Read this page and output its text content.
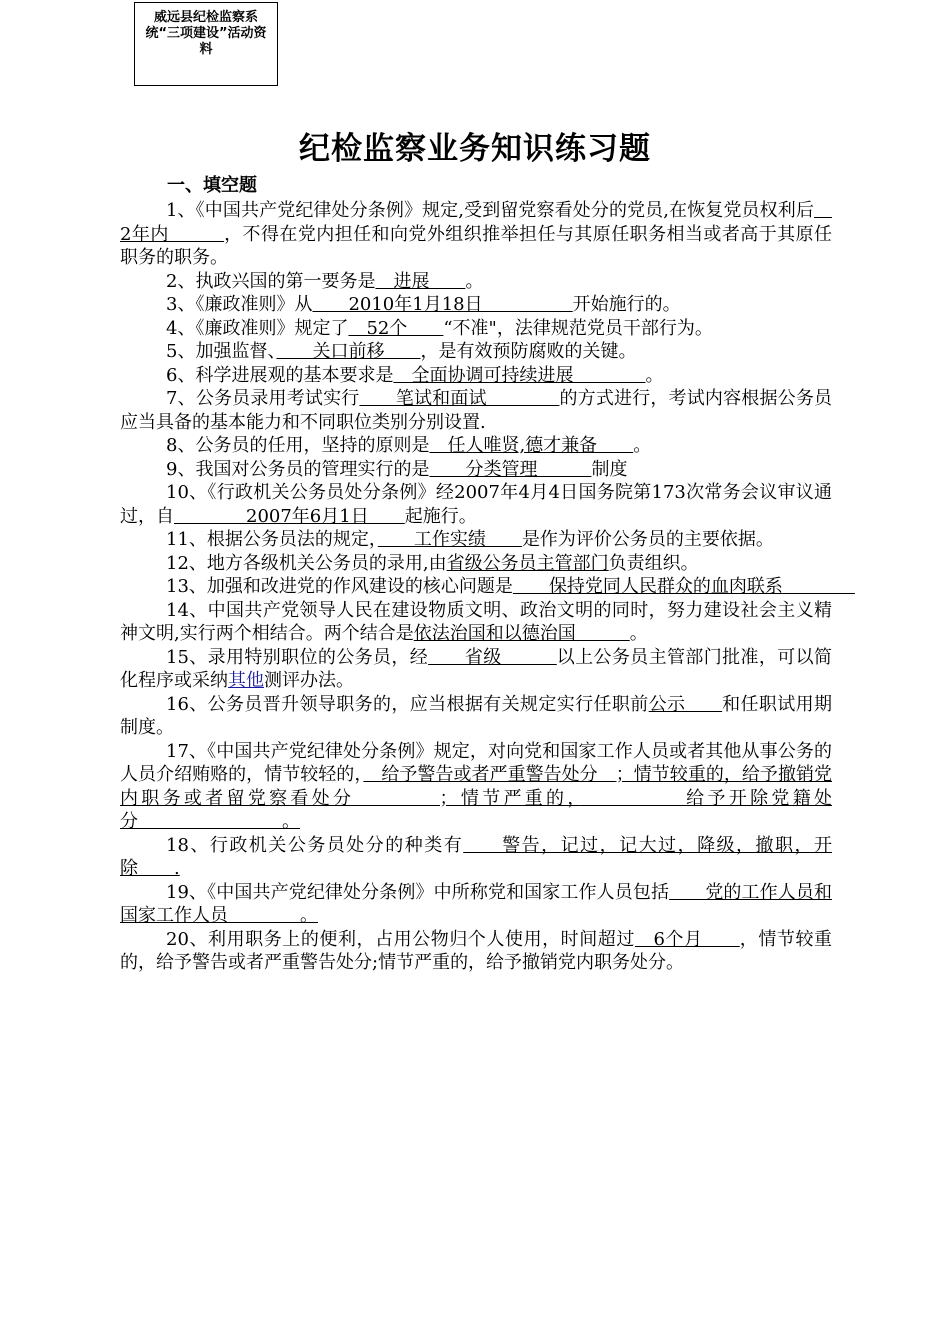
威远县纪检监察系统“三项建设”活动资料
纪检监察业务知识练习题
一、填空题

1、《中国共产党纪律处分条例》规定,受到留党察看处分的党员,在恢复党员权利后　2年内　　　，不得在党内担任和向党外组织推举担任与其原任职务相当或者高于其原任职务的职务。

2、执政兴国的第一要务是　进展　　。

3、《廉政准则》从　　2010年1月18日　　　　　开始施行的。

4、《廉政准则》规定了　52个　　“不准"，法律规范党员干部行为。

5、加强监督、　　关口前移　　，是有效预防腐败的关键。

6、科学进展观的基本要求是　全面协调可持续进展　　　　。

7、公务员录用考试实行　　笔试和面试　　　　的方式进行，考试内容根据公务员应当具备的基本能力和不同职位类别分别设置.

8、公务员的任用，坚持的原则是　任人唯贤,德才兼备　　。

9、我国对公务员的管理实行的是　　分类管理　　　制度

10、《行政机关公务员处分条例》经2007年4月4日国务院第173次常务会议审议通过，自　　　　2007年6月1日　　起施行。

11、根据公务员法的规定，　　工作实绩　　是作为评价公务员的主要依据。

12、地方各级机关公务员的录用,由省级公务员主管部门负责组织。

13、加强和改进党的作风建设的核心问题是　　保持党同人民群众的血肉联系　　　　

14、中国共产党领导人民在建设物质文明、政治文明的同时，努力建设社会主义精神文明,实行两个相结合。两个结合是依法治国和以德治国　　　。

15、录用特别职位的公务员，经　　省级　　　以上公务员主管部门批准，可以简化程序或采纳其他测评办法。

16、公务员晋升领导职务的，应当根据有关规定实行任职前公示　　和任职试用期制度。

17、《中国共产党纪律处分条例》规定，对向党和国家工作人员或者其他从事公务的人员介绍贿赂的，情节较轻的，　给予警告或者严重警告处分　；情节较重的，给予撤销党内职务或者留党察看处分　　　　；情节严重的，　　　　　给予开除党籍处分　　　　　　　　。

18、行政机关公务员处分的种类有　　警告，记过，记大过，降级，撤职，开除　　.

19、《中国共产党纪律处分条例》中所称党和国家工作人员包括　　党的工作人员和国家工作人员　　　　。

20、利用职务上的便利，占用公物归个人使用，时间超过　6个月　　，情节较重的，给予警告或者严重警告处分;情节严重的，给予撤销党内职务处分。
